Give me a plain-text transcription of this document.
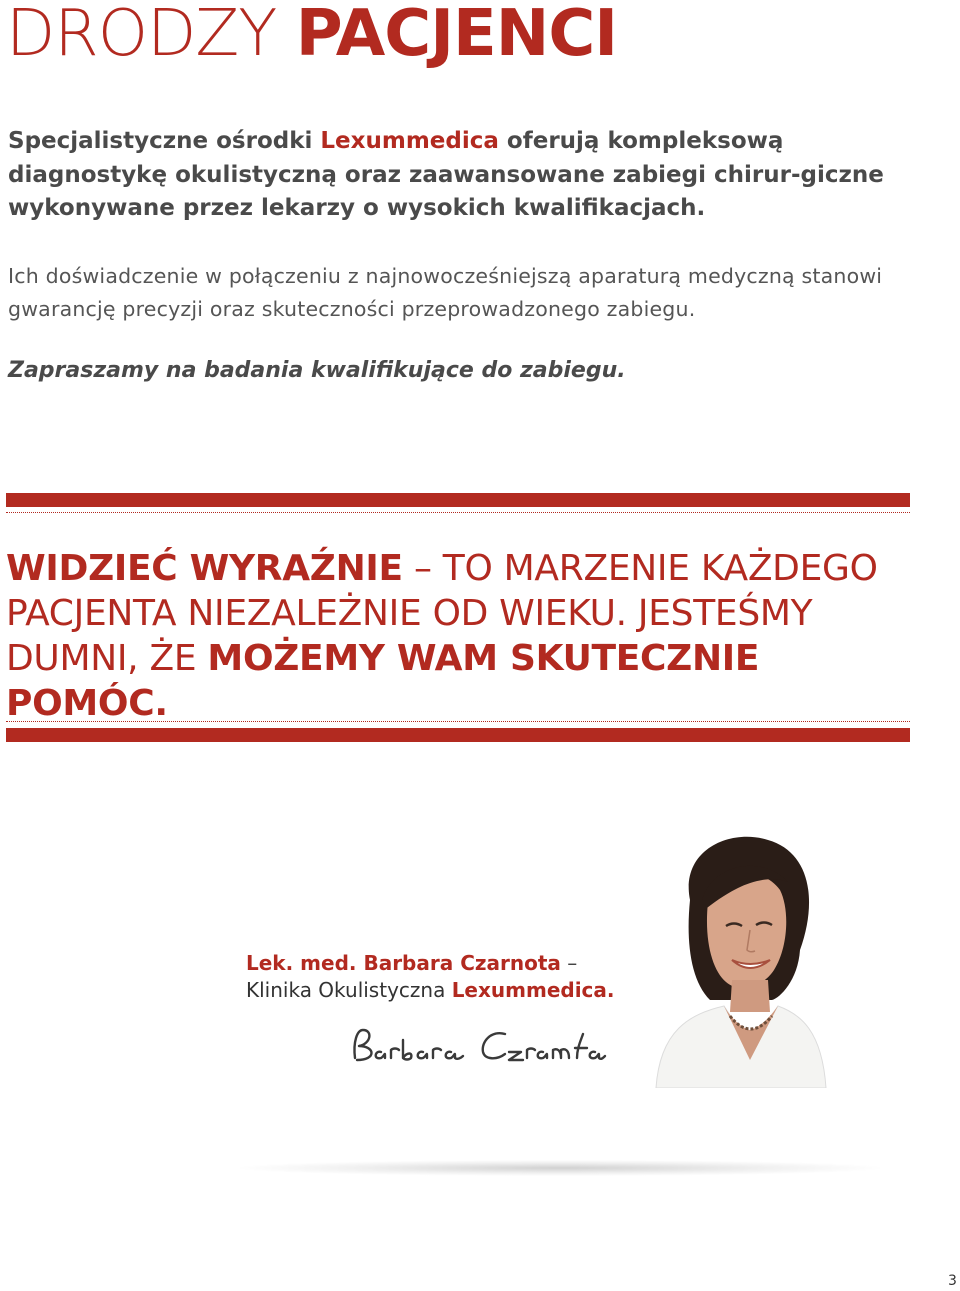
DRODZY PACJENCI

Specjalistyczne ośrodki Lexummedica oferują kompleksową diagnostykę okulistyczną oraz zaawansowane zabiegi chirur-giczne wykonywane przez lekarzy o wysokich kwalifikacjach.

Ich doświadczenie w połączeniu z najnowocześniejszą aparaturą medyczną stanowi gwarancję precyzji oraz skuteczności przeprowadzonego zabiegu.

Zapraszamy na badania kwalifikujące do zabiegu.

WIDZIEĆ WYRAŹNIE – TO MARZENIE KAŻDEGO PACJENTA NIEZALEŻNIE OD WIEKU. JESTEŚMY DUMNI, ŻE MOŻEMY WAM SKUTECZNIE POMÓC.

Lek. med. Barbara Czarnota –

Klinika Okulistyczna Lexummedica.

3
